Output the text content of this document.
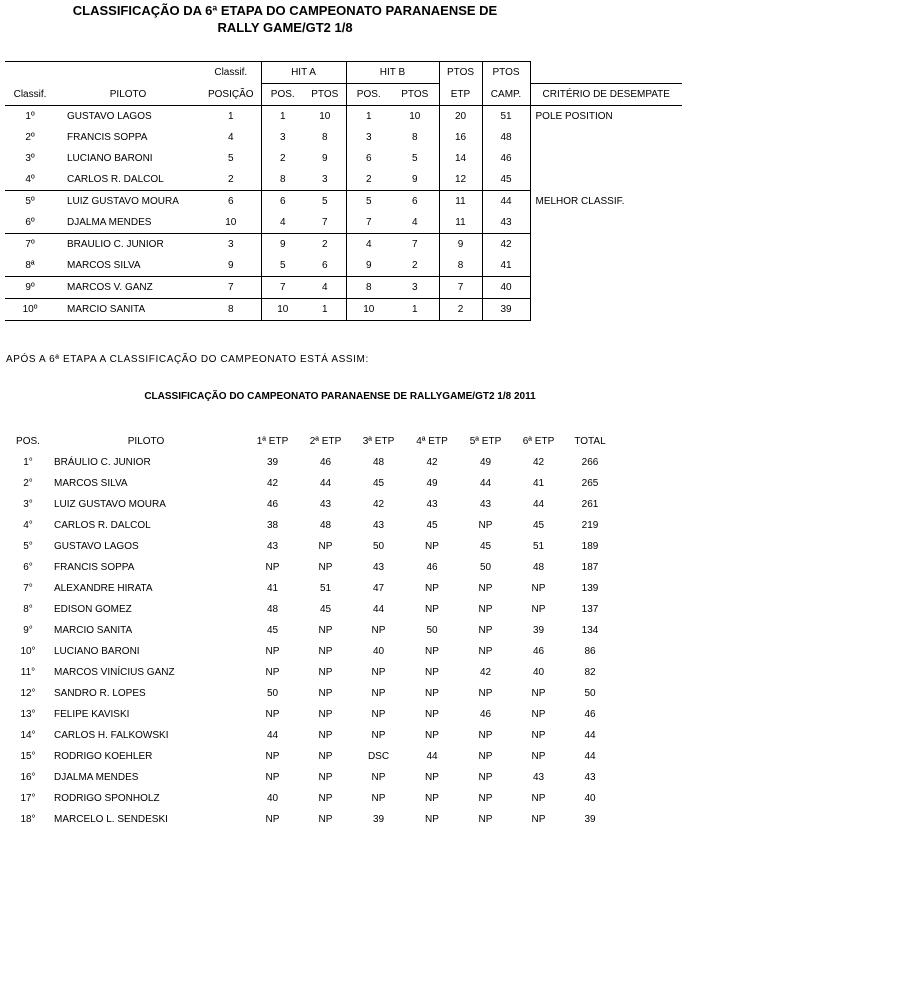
CLASSIFICAÇÃO DA 6ª ETAPA DO CAMPEONATO PARANAENSE DE
RALLY GAME/GT2 1/8
		Classif.	HIT A		HIT B		PTOS	PTOS	
Classif.	PILOTO	POSIÇÃO	POS.	PTOS	POS.	PTOS	ETP	CAMP.	CRITÉRIO DE DESEMPATE
1º	GUSTAVO LAGOS	1	1	10	1	10	20	51	POLE POSITION
2º	FRANCIS SOPPA	4	3	8	3	8	16	48	
3º	LUCIANO BARONI	5	2	9	6	5	14	46	
4º	CARLOS R. DALCOL	2	8	3	2	9	12	45	
5º	LUIZ GUSTAVO MOURA	6	6	5	5	6	11	44	MELHOR CLASSIF.
6º	DJALMA MENDES	10	4	7	7	4	11	43	
7º	BRAULIO C. JUNIOR	3	9	2	4	7	9	42	
8ª	MARCOS SILVA	9	5	6	9	2	8	41	
9º	MARCOS V. GANZ	7	7	4	8	3	7	40	
10º	MARCIO SANITA	8	10	1	10	1	2	39	
APÓS A 6ª ETAPA A CLASSIFICAÇÃO DO CAMPEONATO ESTÁ ASSIM:
CLASSIFICAÇÃO DO CAMPEONATO PARANAENSE DE RALLYGAME/GT2 1/8 2011
POS.	PILOTO	1ª ETP	2ª ETP	3ª ETP	4ª ETP	5ª ETP	6ª ETP	TOTAL
1°	BRÁULIO C. JUNIOR	39	46	48	42	49	42	266
2°	MARCOS SILVA	42	44	45	49	44	41	265
3°	LUIZ GUSTAVO MOURA	46	43	42	43	43	44	261
4°	CARLOS R. DALCOL	38	48	43	45	NP	45	219
5°	GUSTAVO LAGOS	43	NP	50	NP	45	51	189
6°	FRANCIS SOPPA	NP	NP	43	46	50	48	187
7°	ALEXANDRE HIRATA	41	51	47	NP	NP	NP	139
8°	EDISON GOMEZ	48	45	44	NP	NP	NP	137
9°	MARCIO SANITA	45	NP	NP	50	NP	39	134
10°	LUCIANO BARONI	NP	NP	40	NP	NP	46	86
11°	MARCOS VINÍCIUS GANZ	NP	NP	NP	NP	42	40	82
12°	SANDRO R. LOPES	50	NP	NP	NP	NP	NP	50
13°	FELIPE KAVISKI	NP	NP	NP	NP	46	NP	46
14°	CARLOS H. FALKOWSKI	44	NP	NP	NP	NP	NP	44
15°	RODRIGO KOEHLER	NP	NP	DSC	44	NP	NP	44
16°	DJALMA MENDES	NP	NP	NP	NP	NP	43	43
17°	RODRIGO SPONHOLZ	40	NP	NP	NP	NP	NP	40
18°	MARCELO L. SENDESKI	NP	NP	39	NP	NP	NP	39
